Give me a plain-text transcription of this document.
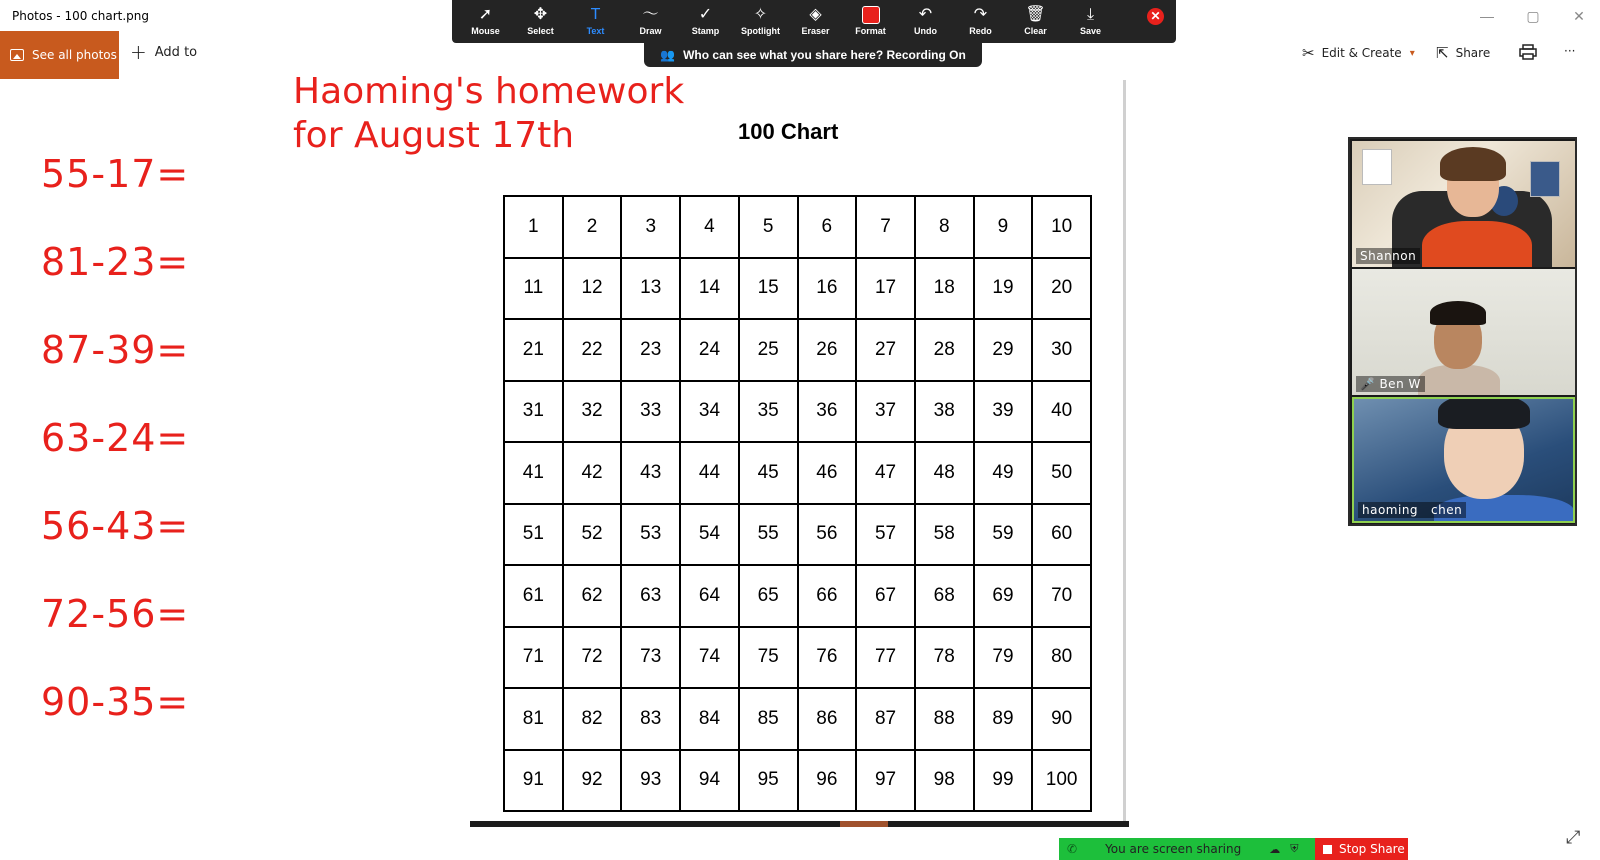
Photos - 100 chart.png	—	▢	✕
See all photos + Add to	✂ Edit & Create ▾ ⇱ Share	···
➚
Mouse
✥
Select
T
Text
〜
Draw
✓
Stamp
✧
Spotlight
◈
Eraser	Format
↶
Undo
↷
Redo
🗑
Clear
⤓
Save
✕
👥 Who can see what you share here? Recording On
Haoming's homework
for August 17th
55-17=
81-23=
87-39=
63-24=
56-43=
72-56=
90-35=
100 Chart
1	2	3	4	5	6	7	8	9	10
11	12	13	14	15	16	17	18	19	20
21	22	23	24	25	26	27	28	29	30
31	32	33	34	35	36	37	38	39	40
41	42	43	44	45	46	47	48	49	50
51	52	53	54	55	56	57	58	59	60
61	62	63	64	65	66	67	68	69	70
71	72	73	74	75	76	77	78	79	80
81	82	83	84	85	86	87	88	89	90
91	92	93	94	95	96	97	98	99	100
Shannon
🎤 Ben W
haoming   chen
✆ You are screen sharing	☁ ⛨	Stop Share
⤢
